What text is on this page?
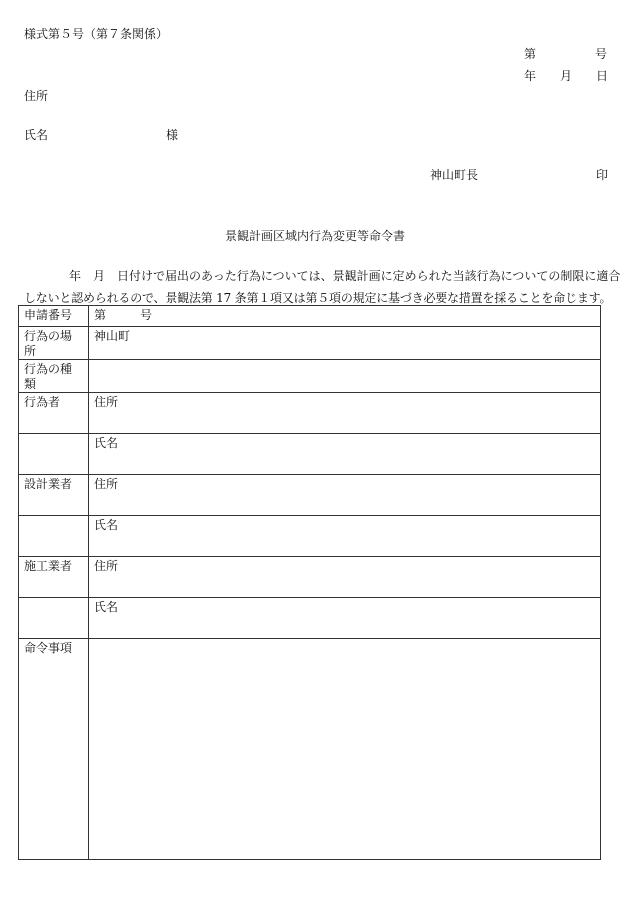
様式第５号（第７条関係）
第	号
年 月 日
住所
氏名	様
神山町長	印
景観計画区域内行為変更等命令書
年　月　日付けで届出のあった行為については、景観計画に定められた当該行為についての制限に適合
しないと認められるので、景観法第 17 条第１項又は第５項の規定に基づき必要な措置を採ることを命じます。
申請番号	第 号
行為の場所	神山町
行為の種類	
行為者	住所
	氏名
設計業者	住所
	氏名
施工業者	住所
	氏名
命令事項	
